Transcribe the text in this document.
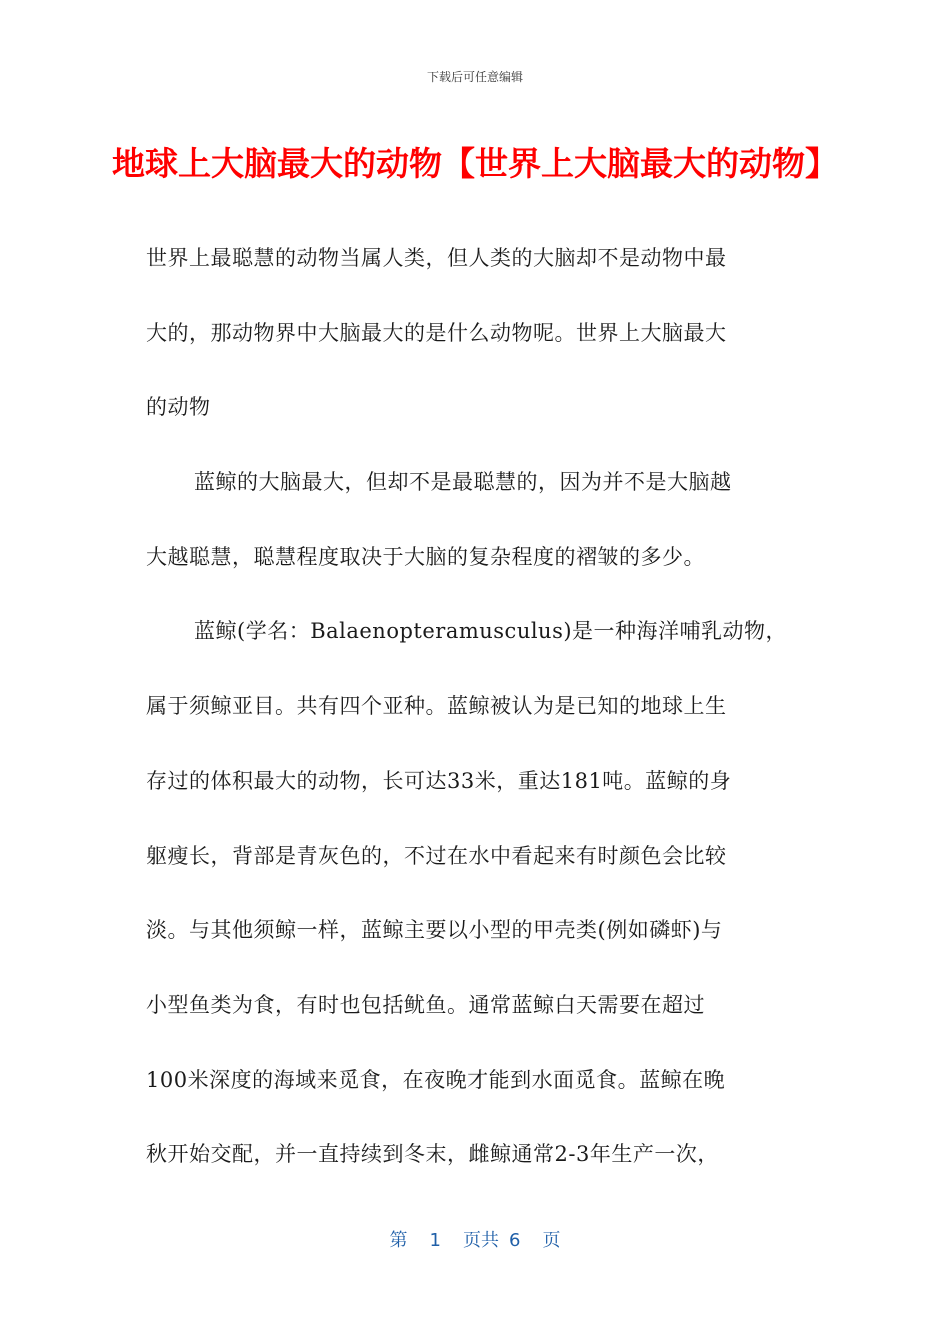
下载后可任意编辑
地球上大脑最大的动物【世界上大脑最大的动物】
世界上最聪慧的动物当属人类，但人类的大脑却不是动物中最
大的，那动物界中大脑最大的是什么动物呢。世界上大脑最大
的动物
蓝鲸的大脑最大，但却不是最聪慧的，因为并不是大脑越
大越聪慧，聪慧程度取决于大脑的复杂程度的褶皱的多少。
蓝鲸(学名：Balaenopteramusculus)是一种海洋哺乳动物，
属于须鲸亚目。共有四个亚种。蓝鲸被认为是已知的地球上生
存过的体积最大的动物，长可达33米，重达181吨。蓝鲸的身
躯瘦长，背部是青灰色的，不过在水中看起来有时颜色会比较
淡。与其他须鲸一样，蓝鲸主要以小型的甲壳类(例如磷虾)与
小型鱼类为食，有时也包括鱿鱼。通常蓝鲸白天需要在超过
100米深度的海域来觅食，在夜晚才能到水面觅食。蓝鲸在晚
秋开始交配，并一直持续到冬末，雌鲸通常2-3年生产一次，
第 1 页共 6 页
